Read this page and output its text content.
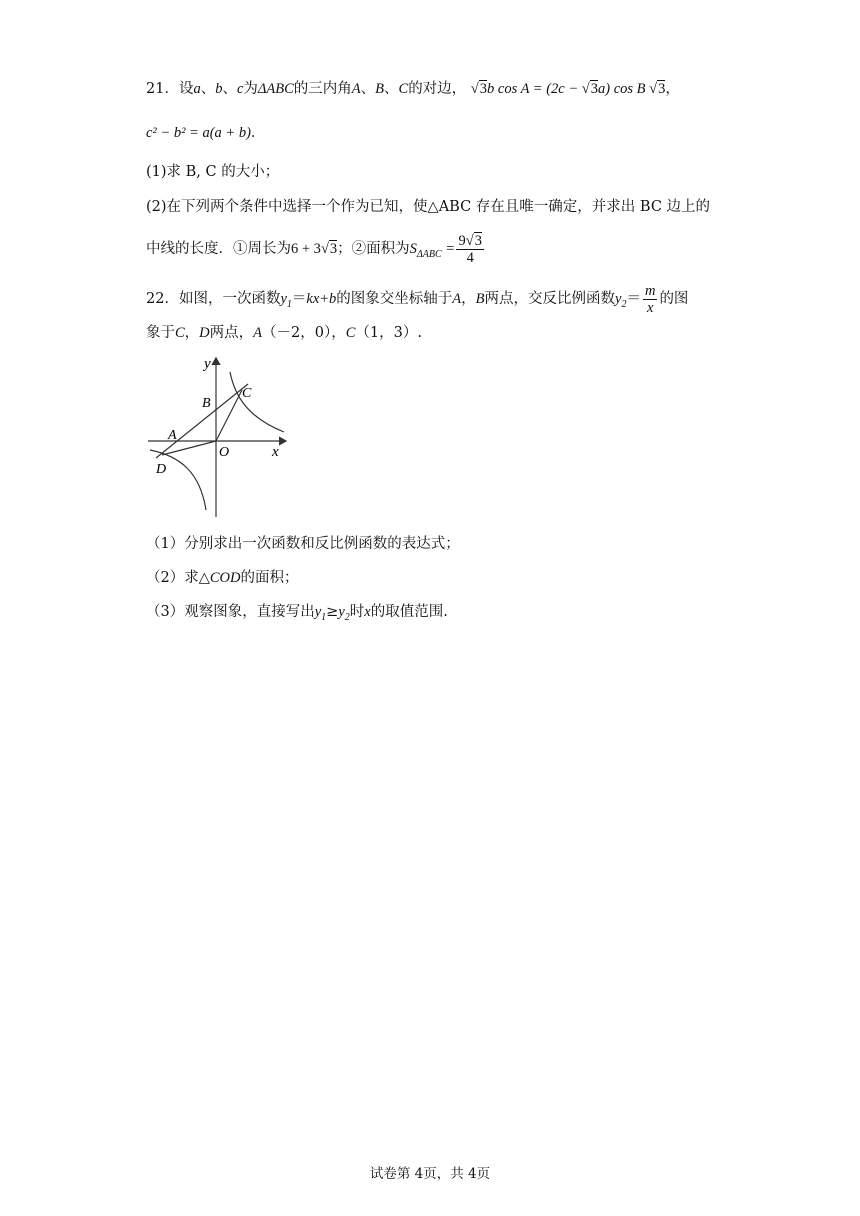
21．设a、b、c为ΔABC的三内角A、B、C的对边， √3b cos A = (2c − √3a) cos B √3，
c² − b² = a(a + b)．
(1)求 B, C 的大小；
(2)在下列两个条件中选择一个作为已知，使△ABC 存在且唯一确定，并求出 BC 边上的
中线的长度．①周长为6 + 3√3；②面积为$S_{\Delta ABC} = \frac{9√3}{4}$
22．如图，一次函数$y_1=kx+b$的图象交坐标轴于A，B两点，交反比例函数$y_2= \frac{m}{x}$ 的图
象于C，D两点，A（－2，0），C（1，3）.
y
x
O
A
B
C
D
（1）分别求出一次函数和反比例函数的表达式；
（2）求△COD的面积；
（3）观察图象，直接写出$y_1\ge y_2$时x的取值范围.
试卷第 4页，共 4页
